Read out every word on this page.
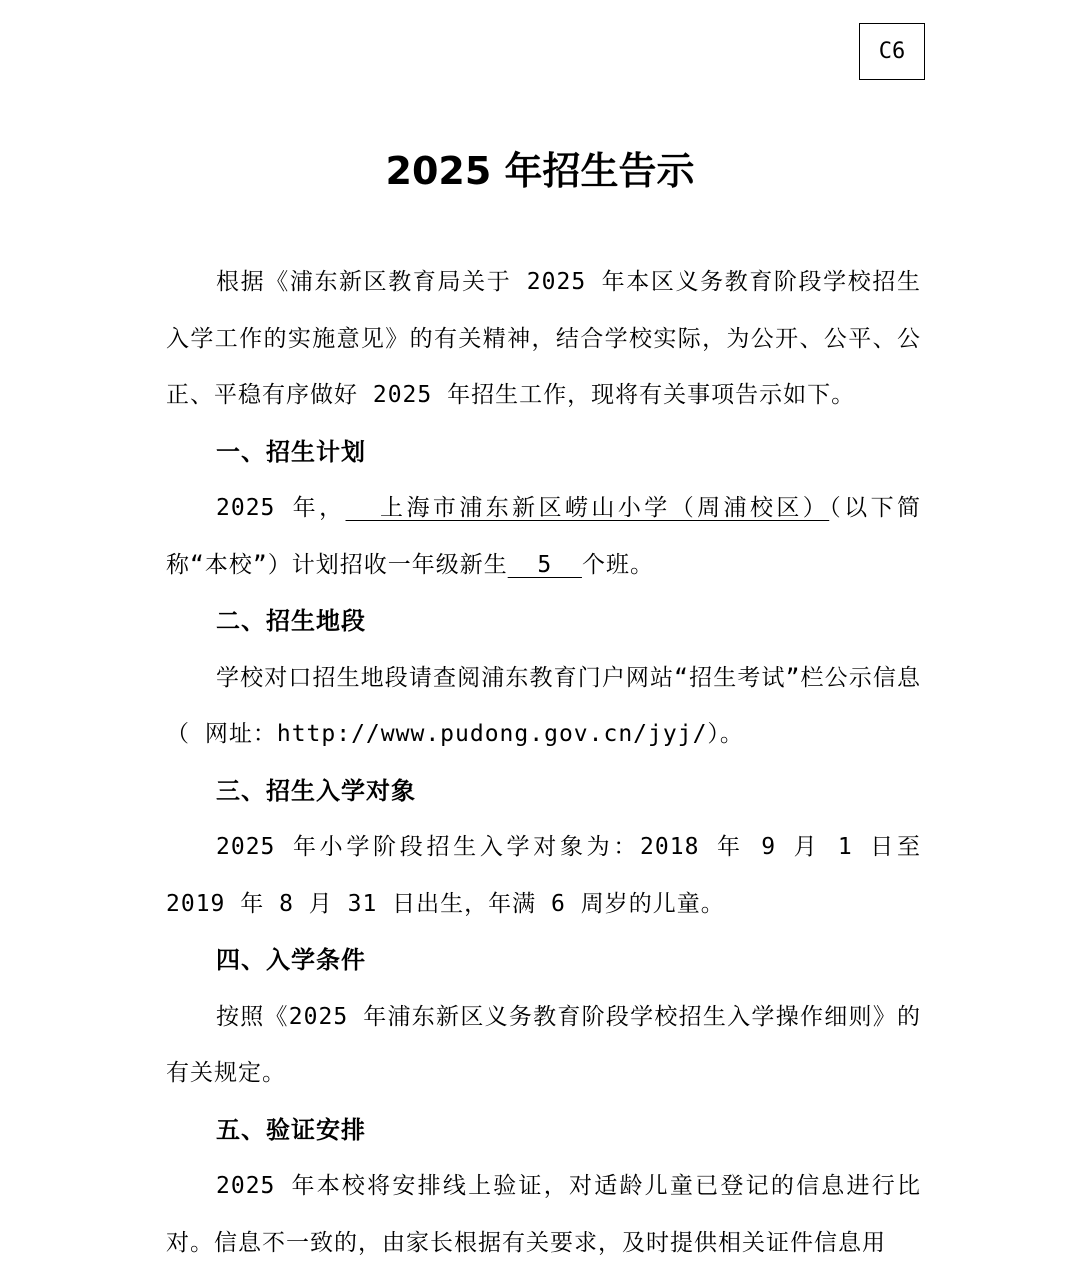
C6
2025 年招生告示

根据《浦东新区教育局关于 2025 年本区义务教育阶段学校招生入学工作的实施意见》的有关精神，结合学校实际，为公开、公平、公正、平稳有序做好 2025 年招生工作，现将有关事项告示如下。

一、招生计划

2025 年，  上海市浦东新区崂山小学（周浦校区）（以下简称“本校”）计划招收一年级新生  5  个班。

二、招生地段

学校对口招生地段请查阅浦东教育门户网站“招生考试”栏公示信息（ 网址：http://www.pudong.gov.cn/jyj/）。

三、招生入学对象

2025 年小学阶段招生入学对象为：2018 年 9 月 1 日至 2019 年 8 月 31 日出生，年满 6 周岁的儿童。

四、入学条件

按照《2025 年浦东新区义务教育阶段学校招生入学操作细则》的有关规定。

五、验证安排

2025 年本校将安排线上验证，对适龄儿童已登记的信息进行比对。信息不一致的，由家长根据有关要求，及时提供相关证件信息用
